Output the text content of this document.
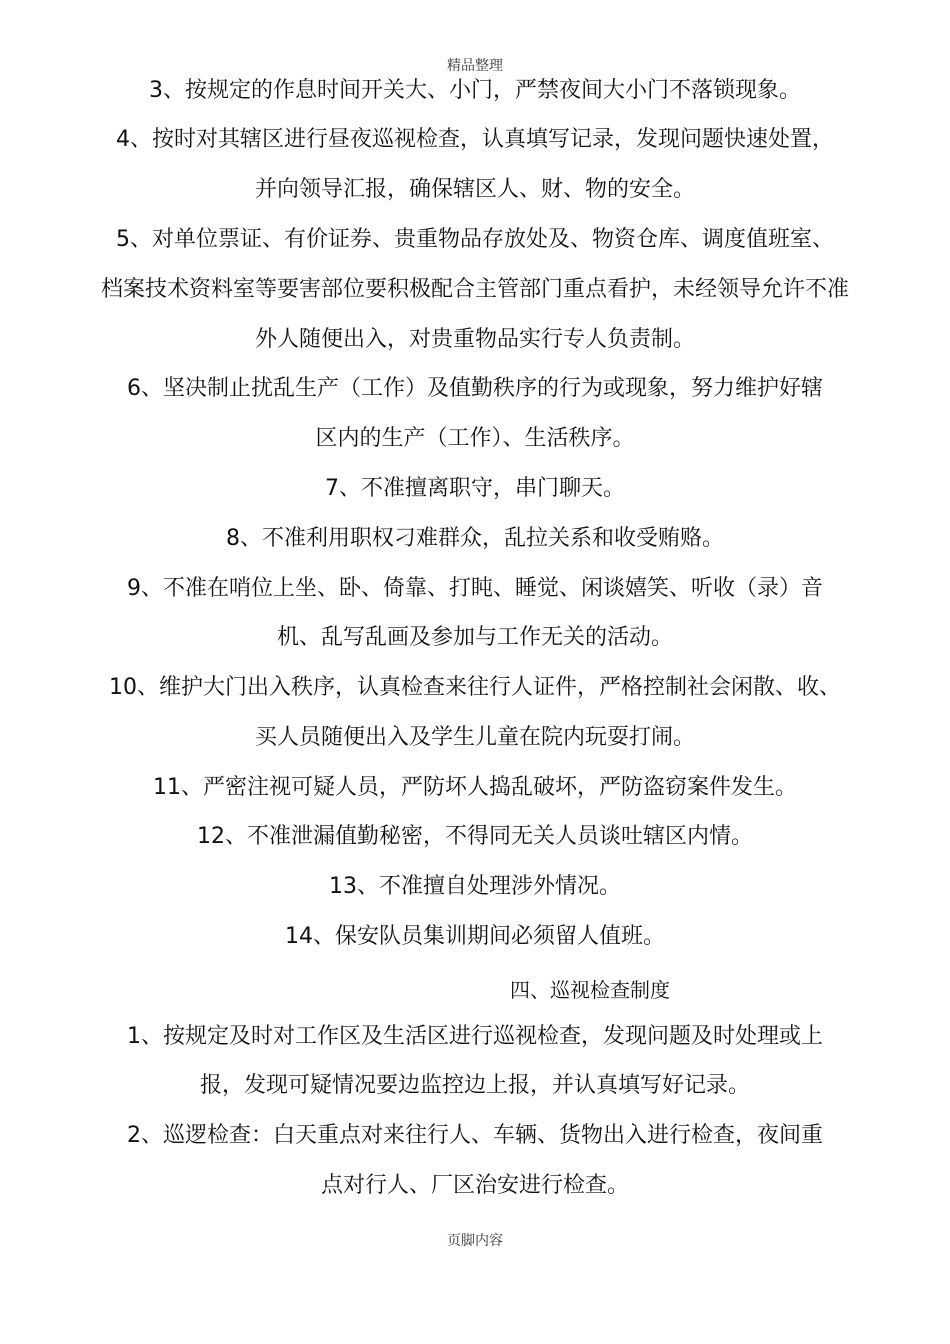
精品整理
3、按规定的作息时间开关大、小门，严禁夜间大小门不落锁现象。
4、按时对其辖区进行昼夜巡视检查，认真填写记录，发现问题快速处置，
并向领导汇报，确保辖区人、财、物的安全。
5、对单位票证、有价证券、贵重物品存放处及、物资仓库、调度值班室、
档案技术资料室等要害部位要积极配合主管部门重点看护，未经领导允许不准
外人随便出入，对贵重物品实行专人负责制。
6、坚决制止扰乱生产（工作）及值勤秩序的行为或现象，努力维护好辖
区内的生产（工作）、生活秩序。
7、不准擅离职守，串门聊天。
8、不准利用职权刁难群众，乱拉关系和收受贿赂。
9、不准在哨位上坐、卧、倚靠、打盹、睡觉、闲谈嬉笑、听收（录）音
机、乱写乱画及参加与工作无关的活动。
10、维护大门出入秩序，认真检查来往行人证件，严格控制社会闲散、收、
买人员随便出入及学生儿童在院内玩耍打闹。
11、严密注视可疑人员，严防坏人捣乱破坏，严防盗窃案件发生。
12、不准泄漏值勤秘密，不得同无关人员谈吐辖区内情。
13、不准擅自处理涉外情况。
14、保安队员集训期间必须留人值班。
四、巡视检查制度
1、按规定及时对工作区及生活区进行巡视检查，发现问题及时处理或上
报，发现可疑情况要边监控边上报，并认真填写好记录。
2、巡逻检查：白天重点对来往行人、车辆、货物出入进行检查，夜间重
点对行人、厂区治安进行检查。
页脚内容
